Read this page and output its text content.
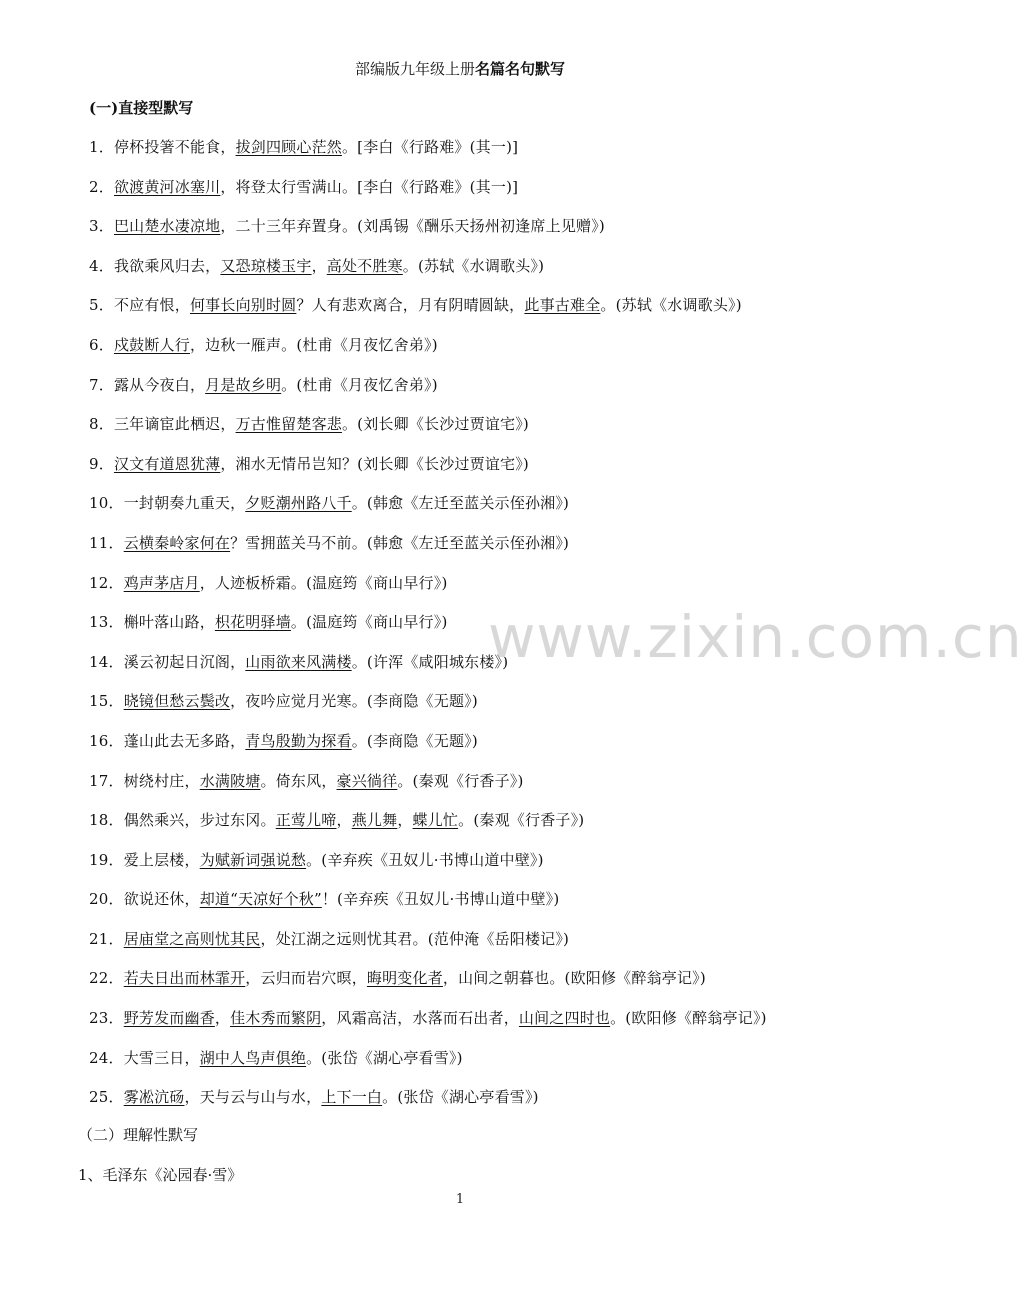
部编版九年级上册名篇名句默写
(一)直接型默写
1．停杯投箸不能食，拔剑四顾心茫然。[李白《行路难》(其一)]
2．欲渡黄河冰塞川，将登太行雪满山。[李白《行路难》(其一)]
3．巴山楚水凄凉地，二十三年弃置身。(刘禹锡《酬乐天扬州初逢席上见赠》)
4．我欲乘风归去，又恐琼楼玉宇，高处不胜寒。(苏轼《水调歌头》)
5．不应有恨，何事长向别时圆？人有悲欢离合，月有阴晴圆缺，此事古难全。(苏轼《水调歌头》)
6．戍鼓断人行，边秋一雁声。(杜甫《月夜忆舍弟》)
7．露从今夜白，月是故乡明。(杜甫《月夜忆舍弟》)
8．三年谪宦此栖迟，万古惟留楚客悲。(刘长卿《长沙过贾谊宅》)
9．汉文有道恩犹薄，湘水无情吊岂知？(刘长卿《长沙过贾谊宅》)
10．一封朝奏九重天，夕贬潮州路八千。(韩愈《左迁至蓝关示侄孙湘》)
11．云横秦岭家何在？雪拥蓝关马不前。(韩愈《左迁至蓝关示侄孙湘》)
12．鸡声茅店月，人迹板桥霜。(温庭筠《商山早行》)
13．槲叶落山路，枳花明驿墙。(温庭筠《商山早行》)
14．溪云初起日沉阁，山雨欲来风满楼。(许浑《咸阳城东楼》)
15．晓镜但愁云鬓改，夜吟应觉月光寒。(李商隐《无题》)
16．蓬山此去无多路，青鸟殷勤为探看。(李商隐《无题》)
17．树绕村庄，水满陂塘。倚东风，豪兴徜徉。(秦观《行香子》)
18．偶然乘兴，步过东冈。正莺儿啼，燕儿舞，蝶儿忙。(秦观《行香子》)
19．爱上层楼，为赋新词强说愁。(辛弃疾《丑奴儿·书博山道中壁》)
20．欲说还休，却道“天凉好个秋”！(辛弃疾《丑奴儿·书博山道中壁》)
21．居庙堂之高则忧其民，处江湖之远则忧其君。(范仲淹《岳阳楼记》)
22．若夫日出而林霏开，云归而岩穴暝，晦明变化者，山间之朝暮也。(欧阳修《醉翁亭记》)
23．野芳发而幽香，佳木秀而繁阴，风霜高洁，水落而石出者，山间之四时也。(欧阳修《醉翁亭记》)
24．大雪三日，湖中人鸟声俱绝。(张岱《湖心亭看雪》)
25．雾凇沆砀，天与云与山与水，上下一白。(张岱《湖心亭看雪》)
www.zixin.com.cn
（二）理解性默写
1、毛泽东《沁园春·雪》
1
